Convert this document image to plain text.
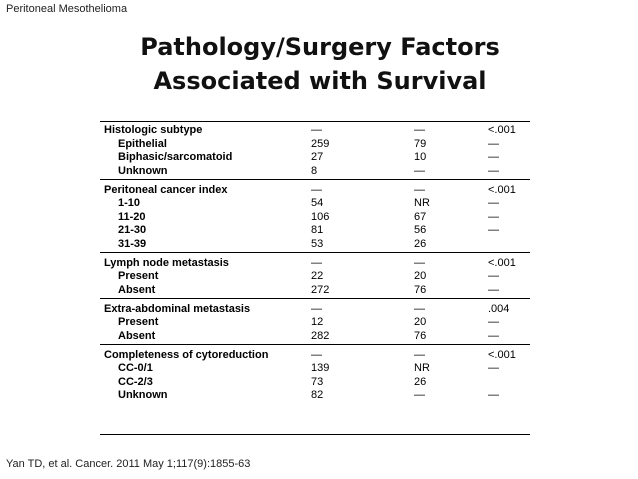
Peritoneal Mesothelioma
Pathology/Surgery Factors
Associated with Survival
Histologic subtype	—	—	<.001
Epithelial	259	79	—
Biphasic/sarcomatoid	27	10	—
Unknown	8	—	—
Peritoneal cancer index	—	—	<.001
1-10	54	NR	—
11-20	106	67	—
21-30	81	56	—
31-39	53	26
Lymph node metastasis	—	—	<.001
Present	22	20	—
Absent	272	76	—
Extra-abdominal metastasis	—	—	.004
Present	12	20	—
Absent	282	76	—
Completeness of cytoreduction	—	—	<.001
CC-0/1	139	NR	—
CC-2/3	73	26
Unknown	82	—	—
Yan TD, et al. Cancer. 2011 May 1;117(9):1855-63
